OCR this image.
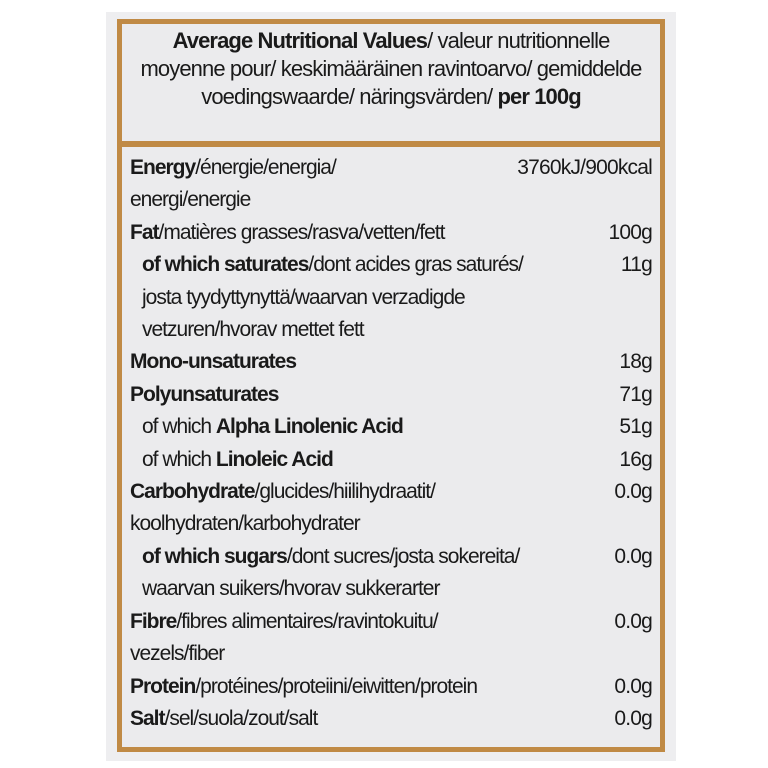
Average Nutritional Values/ valeur nutritionnelle
moyenne pour/ keskimääräinen ravintoarvo/ gemiddelde
voedingswaarde/ näringsvärden/ per 100g
Energy/énergie/energia/	3760kJ/900kcal
energi/energie
Fat/matières grasses/rasva/vetten/fett	100g
of which saturates/dont acides gras saturés/	11g
josta tyydyttynyttä/waarvan verzadigde
vetzuren/hvorav mettet fett
Mono-unsaturates	18g
Polyunsaturates	71g
of which Alpha Linolenic Acid	51g
of which Linoleic Acid	16g
Carbohydrate/glucides/hiilihydraatit/	0.0g
koolhydraten/karbohydrater
of which sugars/dont sucres/josta sokereita/	0.0g
waarvan suikers/hvorav sukkerarter
Fibre/fibres alimentaires/ravintokuitu/	0.0g
vezels/fiber
Protein/protéines/proteiini/eiwitten/protein	0.0g
Salt/sel/suola/zout/salt	0.0g
